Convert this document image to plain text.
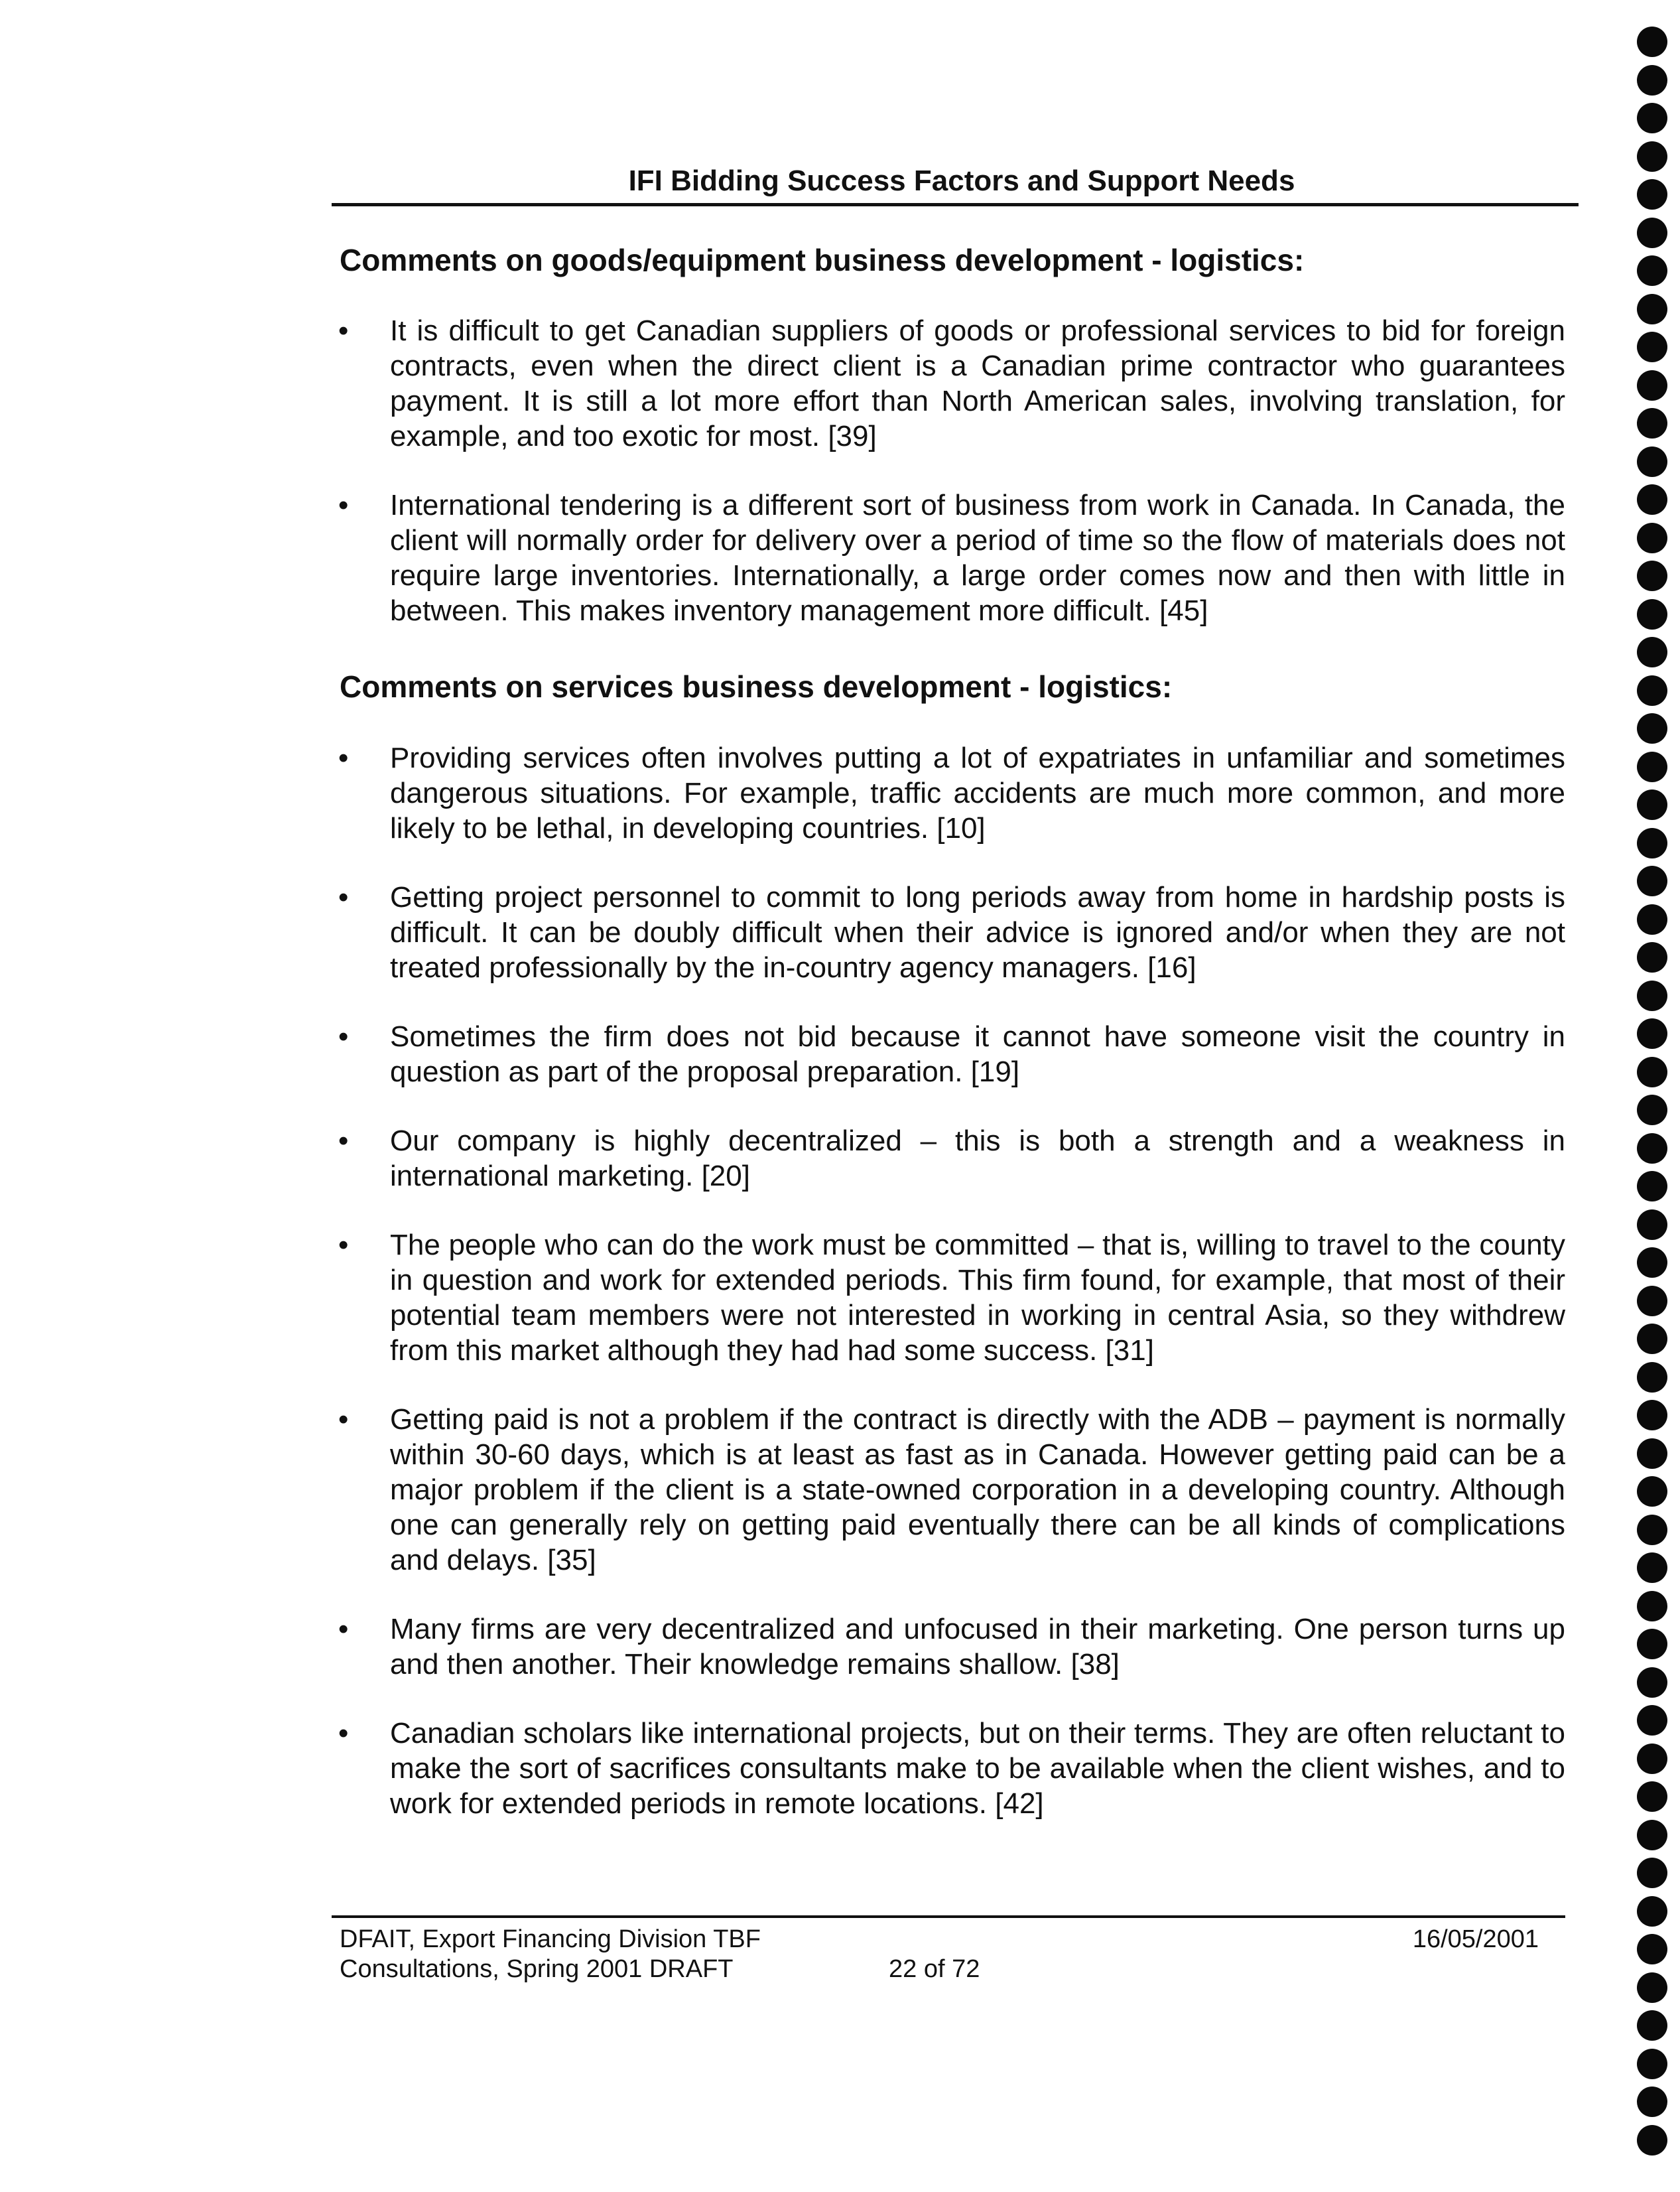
IFI Bidding Success Factors and Support Needs
Comments on goods/equipment business development - logistics:
• It is difficult to get Canadian suppliers of goods or professional services to bid for foreign contracts, even when the direct client is a Canadian prime contractor who guarantees payment. It is still a lot more effort than North American sales, involving translation, for example, and too exotic for most. [39]
• International tendering is a different sort of business from work in Canada. In Canada, the client will normally order for delivery over a period of time so the flow of materials does not require large inventories. Internationally, a large order comes now and then with little in between. This makes inventory management more difficult. [45]
Comments on services business development - logistics:
• Providing services often involves putting a lot of expatriates in unfamiliar and sometimes dangerous situations. For example, traffic accidents are much more common, and more likely to be lethal, in developing countries. [10]
• Getting project personnel to commit to long periods away from home in hardship posts is difficult. It can be doubly difficult when their advice is ignored and/or when they are not treated professionally by the in-country agency managers. [16]
• Sometimes the firm does not bid because it cannot have someone visit the country in question as part of the proposal preparation. [19]
• Our company is highly decentralized – this is both a strength and a weakness in international marketing. [20]
• The people who can do the work must be committed – that is, willing to travel to the county in question and work for extended periods. This firm found, for example, that most of their potential team members were not interested in working in central Asia, so they withdrew from this market although they had had some success. [31]
• Getting paid is not a problem if the contract is directly with the ADB – payment is normally within 30-60 days, which is at least as fast as in Canada. However getting paid can be a major problem if the client is a state-owned corporation in a developing country. Although one can generally rely on getting paid eventually there can be all kinds of complications and delays. [35]
• Many firms are very decentralized and unfocused in their marketing. One person turns up and then another. Their knowledge remains shallow. [38]
• Canadian scholars like international projects, but on their terms. They are often reluctant to make the sort of sacrifices consultants make to be available when the client wishes, and to work for extended periods in remote locations. [42]
DFAIT, Export Financing Division TBF
Consultations, Spring 2001 DRAFT	22 of 72
16/05/2001
